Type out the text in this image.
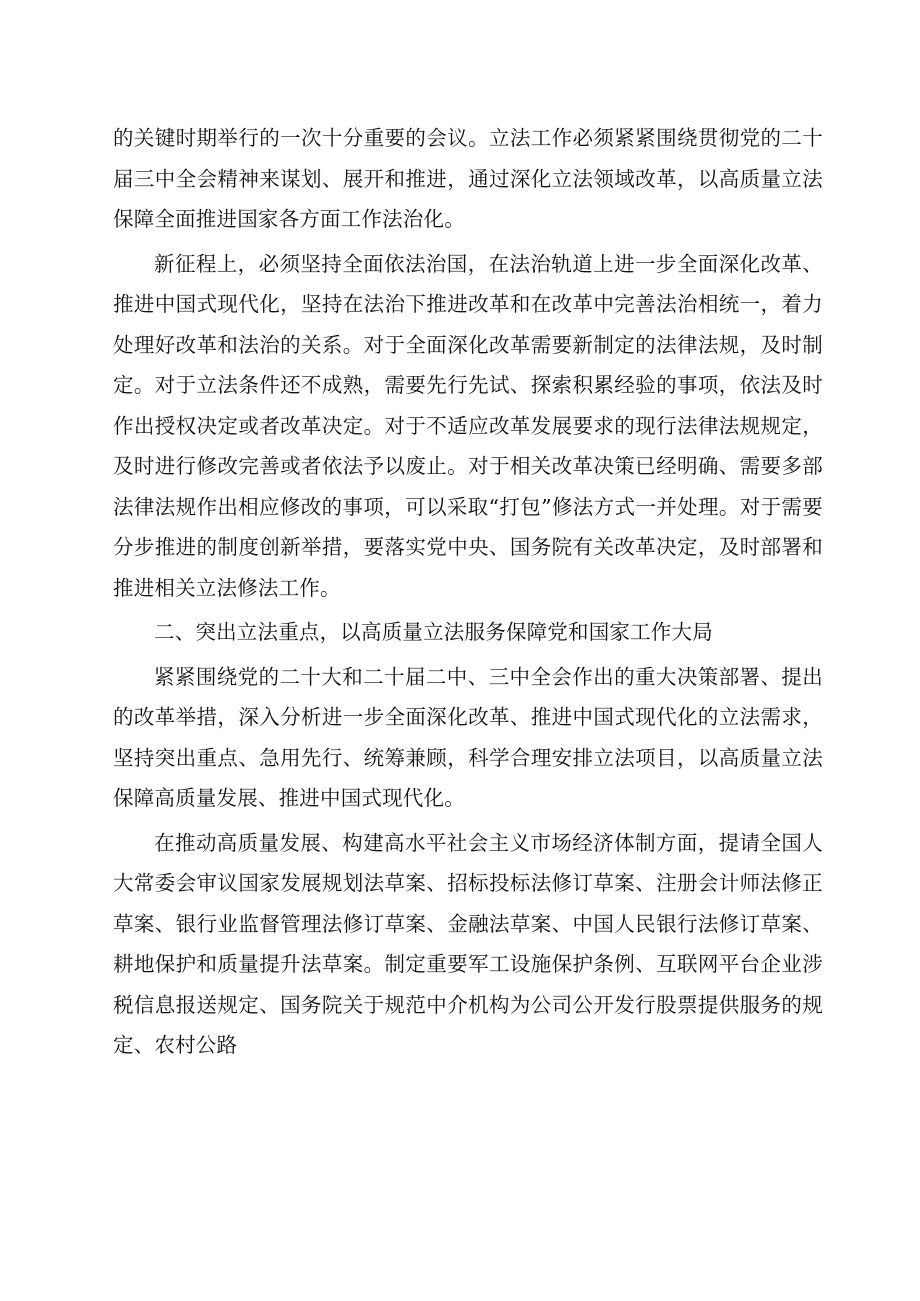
的关键时期举行的一次十分重要的会议。立法工作必须紧紧围绕贯彻党的二十届三中全会精神来谋划、展开和推进，通过深化立法领域改革，以高质量立法保障全面推进国家各方面工作法治化。

新征程上，必须坚持全面依法治国，在法治轨道上进一步全面深化改革、推进中国式现代化，坚持在法治下推进改革和在改革中完善法治相统一，着力处理好改革和法治的关系。对于全面深化改革需要新制定的法律法规，及时制定。对于立法条件还不成熟，需要先行先试、探索积累经验的事项，依法及时作出授权决定或者改革决定。对于不适应改革发展要求的现行法律法规规定，及时进行修改完善或者依法予以废止。对于相关改革决策已经明确、需要多部法律法规作出相应修改的事项，可以采取“打包”修法方式一并处理。对于需要分步推进的制度创新举措，要落实党中央、国务院有关改革决定，及时部署和推进相关立法修法工作。

二、突出立法重点，以高质量立法服务保障党和国家工作大局

紧紧围绕党的二十大和二十届二中、三中全会作出的重大决策部署、提出的改革举措，深入分析进一步全面深化改革、推进中国式现代化的立法需求，坚持突出重点、急用先行、统筹兼顾，科学合理安排立法项目，以高质量立法保障高质量发展、推进中国式现代化。

在推动高质量发展、构建高水平社会主义市场经济体制方面，提请全国人大常委会审议国家发展规划法草案、招标投标法修订草案、注册会计师法修正草案、银行业监督管理法修订草案、金融法草案、中国人民银行法修订草案、耕地保护和质量提升法草案。制定重要军工设施保护条例、互联网平台企业涉税信息报送规定、国务院关于规范中介机构为公司公开发行股票提供服务的规定、农村公路
